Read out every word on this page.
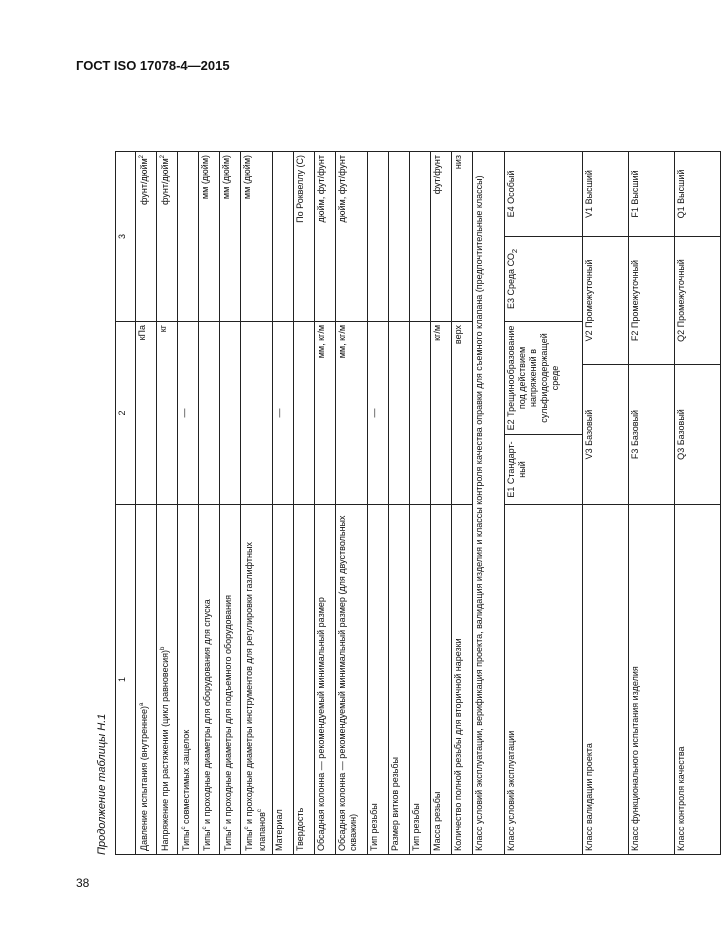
ГОСТ ISO 17078-4—2015
38
Продолжение таблицы Н.1
1	2			3	
Давление испытания (внутреннее)$^a$	кПа			фунт/дюйм$^2$
Напряжение при растяжении (цикл равновесия)$^b$	кг			фунт/дюйм$^2$
Типы$^c$ совместимых защелок	—				
Типы$^c$ и проходные диаметры для оборудования для спуска				мм (дюйм)	
Типы$^c$ и проходные диаметры для подъемного оборудования				мм (дюйм)	
Типы$^c$ и проходные диаметры инструментов для регулировки газлифтных клапанов$^c$				мм (дюйм)	
Материал	—				
Твердость				По Роквеллу (С)	
Обсадная колонна — рекомендуемый минимальный размер	мм, кг/м			дюйм, фут/фунт	
Обсадная колонна — рекомендуемый минимальный размер (для двуствольных скважин)	мм, кг/м			дюйм, фут/фунт	
Тип резьбы	—				
Размер витков резьбы					
Тип резьбы					
Масса резьбы	кг/м			фут/фунт	
Количество полной резьбы для вторичной нарезки	верх			низ	
Класс условий эксплуатации, верификация проекта, валидация изделия и классы контроля качества оправки для съемного клапана (предпочтительные классы)					
Класс условий эксплуатации	Е1 Стандарт-ный	Е2 Трещинообразование под действием напряжений в сульфидсодержащей среде		Е3 Среда $СО_2$	Е4 Особый
Класс валидации проекта	V3 Базовый		V2 Промежуточный		V1 Высший
Класс функционального испытания изделия	F3 Базовый		F2 Промежуточный		F1 Высший
Класс контроля качества	Q3 Базовый		Q2 Промежуточный		Q1 Высший
